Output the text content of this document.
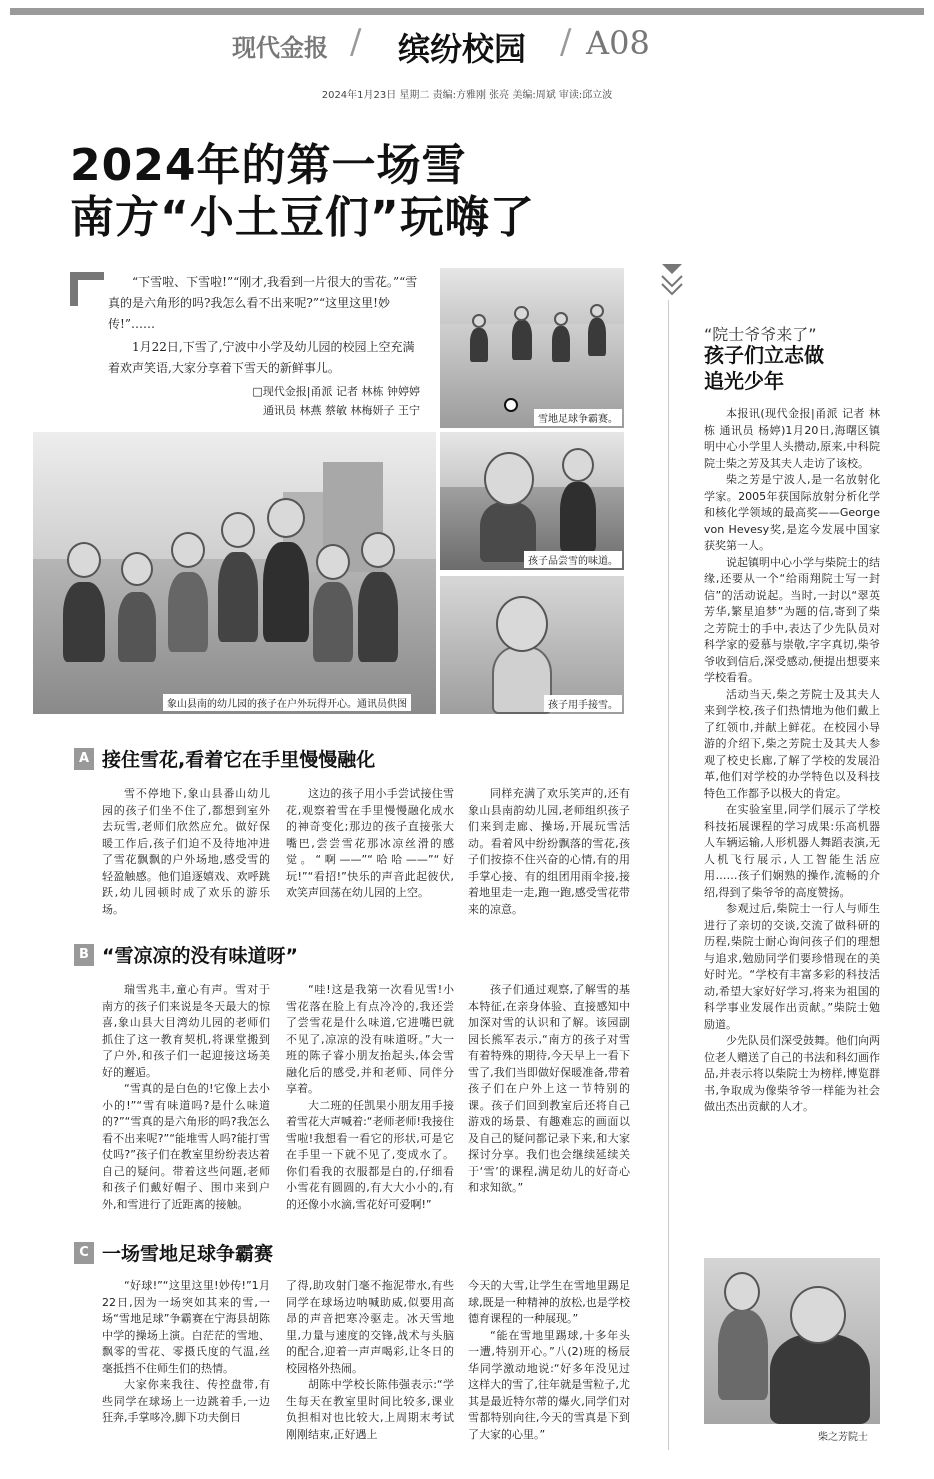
现代金报 / 缤纷校园 / A08
2024年1月23日 星期二 责编:方雅刚 张亮 美编:周斌 审读:邱立波
2024年的第一场雪
南方“小土豆们”玩嗨了

“下雪啦、下雪啦!”“刚才,我看到一片很大的雪花。”“雪真的是六角形的吗?我怎么看不出来呢?”“这里这里!妙传!”……

1月22日,下雪了,宁波中小学及幼儿园的校园上空充满着欢声笑语,大家分享着下雪天的新鲜事儿。

□现代金报|甬派 记者 林栋 钟婷婷
通讯员 林燕 蔡敏 林梅妍子 王宁
雪地足球争霸赛。
象山县南的幼儿园的孩子在户外玩得开心。通讯员供图
孩子品尝雪的味道。
孩子用手接雪。
A 接住雪花,看着它在手里慢慢融化

雪不停地下,象山县番山幼儿园的孩子们坐不住了,都想到室外去玩雪,老师们欣然应允。做好保暖工作后,孩子们迫不及待地冲进了雪花飘飘的户外场地,感受雪的轻盈触感。他们追逐嬉戏、欢呼跳跃,幼儿园顿时成了欢乐的游乐场。

这边的孩子用小手尝试接住雪花,观察着雪在手里慢慢融化成水的神奇变化;那边的孩子直接张大嘴巴,尝尝雪花那冰凉丝滑的感觉。“啊——”“哈哈——”“好玩!”“看招!”快乐的声音此起彼伏,欢笑声回荡在幼儿园的上空。

同样充满了欢乐笑声的,还有象山县南韵幼儿园,老师组织孩子们来到走廊、操场,开展玩雪活动。看着风中纷纷飘落的雪花,孩子们按捺不住兴奋的心情,有的用手掌心接、有的组团用雨伞接,接着地里走一走,跑一跑,感受雪花带来的凉意。

B “雪凉凉的没有味道呀”

瑞雪兆丰,童心有声。雪对于南方的孩子们来说是冬天最大的惊喜,象山县大目湾幼儿园的老师们抓住了这一教育契机,将课堂搬到了户外,和孩子们一起迎接这场美好的邂逅。

“雪真的是白色的!它像上去小小的!”“雪有味道吗?是什么味道的?”“雪真的是六角形的吗?我怎么看不出来呢?”“能堆雪人吗?能打雪仗吗?”孩子们在教室里纷纷表达着自己的疑问。带着这些问题,老师和孩子们戴好帽子、围巾来到户外,和雪进行了近距离的接触。

“哇!这是我第一次看见雪!小雪花落在脸上有点冷冷的,我还尝了尝雪花是什么味道,它进嘴巴就不见了,凉凉的没有味道呀。”大一班的陈子睿小朋友抬起头,体会雪融化后的感受,并和老师、同伴分享着。

大二班的任凯果小朋友用手接着雪花大声喊着:“老师老师!我接住雪啦!我想看一看它的形状,可是它在手里一下就不见了,变成水了。你们看我的衣服都是白的,仔细看小雪花有圆圆的,有大大小小的,有的还像小水滴,雪花好可爱啊!”

孩子们通过观察,了解雪的基本特征,在亲身体验、直接感知中加深对雪的认识和了解。该园副园长熊军表示,“南方的孩子对雪有着特殊的期待,今天早上一看下雪了,我们当即做好保暖准备,带着孩子们在户外上这一节特别的课。孩子们回到教室后还将自己游戏的场景、有趣难忘的画面以及自己的疑问都记录下来,和大家探讨分享。我们也会继续延续关于‘雪’的课程,满足幼儿的好奇心和求知欲。”

C 一场雪地足球争霸赛

“好球!”“这里这里!妙传!”1月22日,因为一场突如其来的雪,一场“雪地足球”争霸赛在宁海县胡陈中学的操场上演。白茫茫的雪地、飘零的雪花、零摄氏度的气温,丝毫抵挡不住师生们的热情。

大家你来我往、传控盘带,有些同学在球场上一边跳着手,一边狂奔,手掌哆冷,脚下功夫倒日

了得,助攻射门毫不拖泥带水,有些同学在球场边呐喊助威,似要用高昂的声音把寒冷驱走。冰天雪地里,力量与速度的交锋,战术与头脑的配合,迎着一声声喝彩,让冬日的校园格外热闹。

胡陈中学校长陈伟强表示:“学生每天在教室里时间比较多,课业负担相对也比较大,上周期末考试刚刚结束,正好遇上

今天的大雪,让学生在雪地里踢足球,既是一种精神的放松,也是学校德育课程的一种展现。”

“能在雪地里踢球,十多年头一遭,特别开心。”八(2)班的杨辰华同学激动地说:“好多年没见过这样大的雪了,往年就是雪粒子,尤其是最近特尔蒂的爆火,同学们对雪都特别向往,今天的雪真是下到了大家的心里。”

“院士爷爷来了”
孩子们立志做
追光少年

本报讯(现代金报|甬派 记者 林栋 通讯员 杨婷)1月20日,海曙区镇明中心小学里人头攒动,原来,中科院院士柴之芳及其夫人走访了该校。

柴之芳是宁波人,是一名放射化学家。2005年获国际放射分析化学和核化学领域的最高奖——George von Hevesy奖,是迄今发展中国家获奖第一人。

说起镇明中心小学与柴院士的结缘,还要从一个“给雨翔院士写一封信”的活动说起。当时,一封以“翠英芳华,繁星追梦”为题的信,寄到了柴之芳院士的手中,表达了少先队员对科学家的爱慕与崇敬,字字真切,柴爷爷收到信后,深受感动,便提出想要来学校看看。

活动当天,柴之芳院士及其夫人来到学校,孩子们热情地为他们戴上了红领巾,并献上鲜花。在校园小导游的介绍下,柴之芳院士及其夫人参观了校史长廊,了解了学校的发展沿革,他们对学校的办学特色以及科技特色工作都予以极大的肯定。

在实验室里,同学们展示了学校科技拓展课程的学习成果:乐高机器人车辆运输,人形机器人舞蹈表演,无人机飞行展示,人工智能生活应用……孩子们娴熟的操作,流畅的介绍,得到了柴爷爷的高度赞扬。

参观过后,柴院士一行人与师生进行了亲切的交谈,交流了做科研的历程,柴院士耐心询问孩子们的理想与追求,勉励同学们要珍惜现在的美好时光。“学校有丰富多彩的科技活动,希望大家好好学习,将来为祖国的科学事业发展作出贡献。”柴院士勉励道。

少先队员们深受鼓舞。他们向两位老人赠送了自己的书法和科幻画作品,并表示将以柴院士为榜样,博览群书,争取成为像柴爷爷一样能为社会做出杰出贡献的人才。

柴之芳院士
